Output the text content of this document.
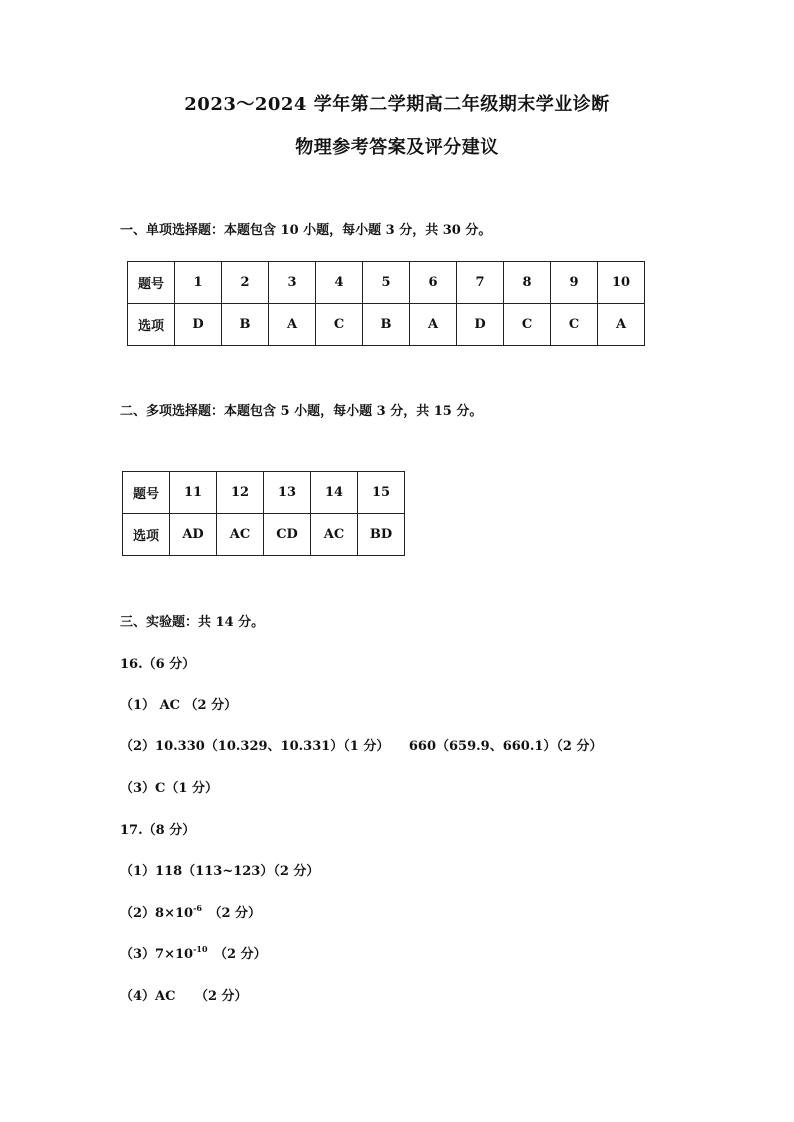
2023～2024 学年第二学期高二年级期末学业诊断
物理参考答案及评分建议
一、单项选择题：本题包含 10 小题，每小题 3 分，共 30 分。
题号	1	2	3	4	5	6	7	8	9	10
选项	D	B	A	C	B	A	D	C	C	A
二、多项选择题：本题包含 5 小题，每小题 3 分，共 15 分。
题号	11	12	13	14	15
选项	AD	AC	CD	AC	BD
三、实验题：共 14 分。
16.（6 分）
（1） AC （2 分）
（2）10.330（10.329、10.331）（1 分）　　660（659.9、660.1）（2 分）
（3）C（1 分）
17.（8 分）
（1）118（113~123）（2 分）
$(2)8\times 10^{-6}$　（2 分）
$(3)7\times 10^{-10}$　（2 分）
（4）AC　　（2 分）
